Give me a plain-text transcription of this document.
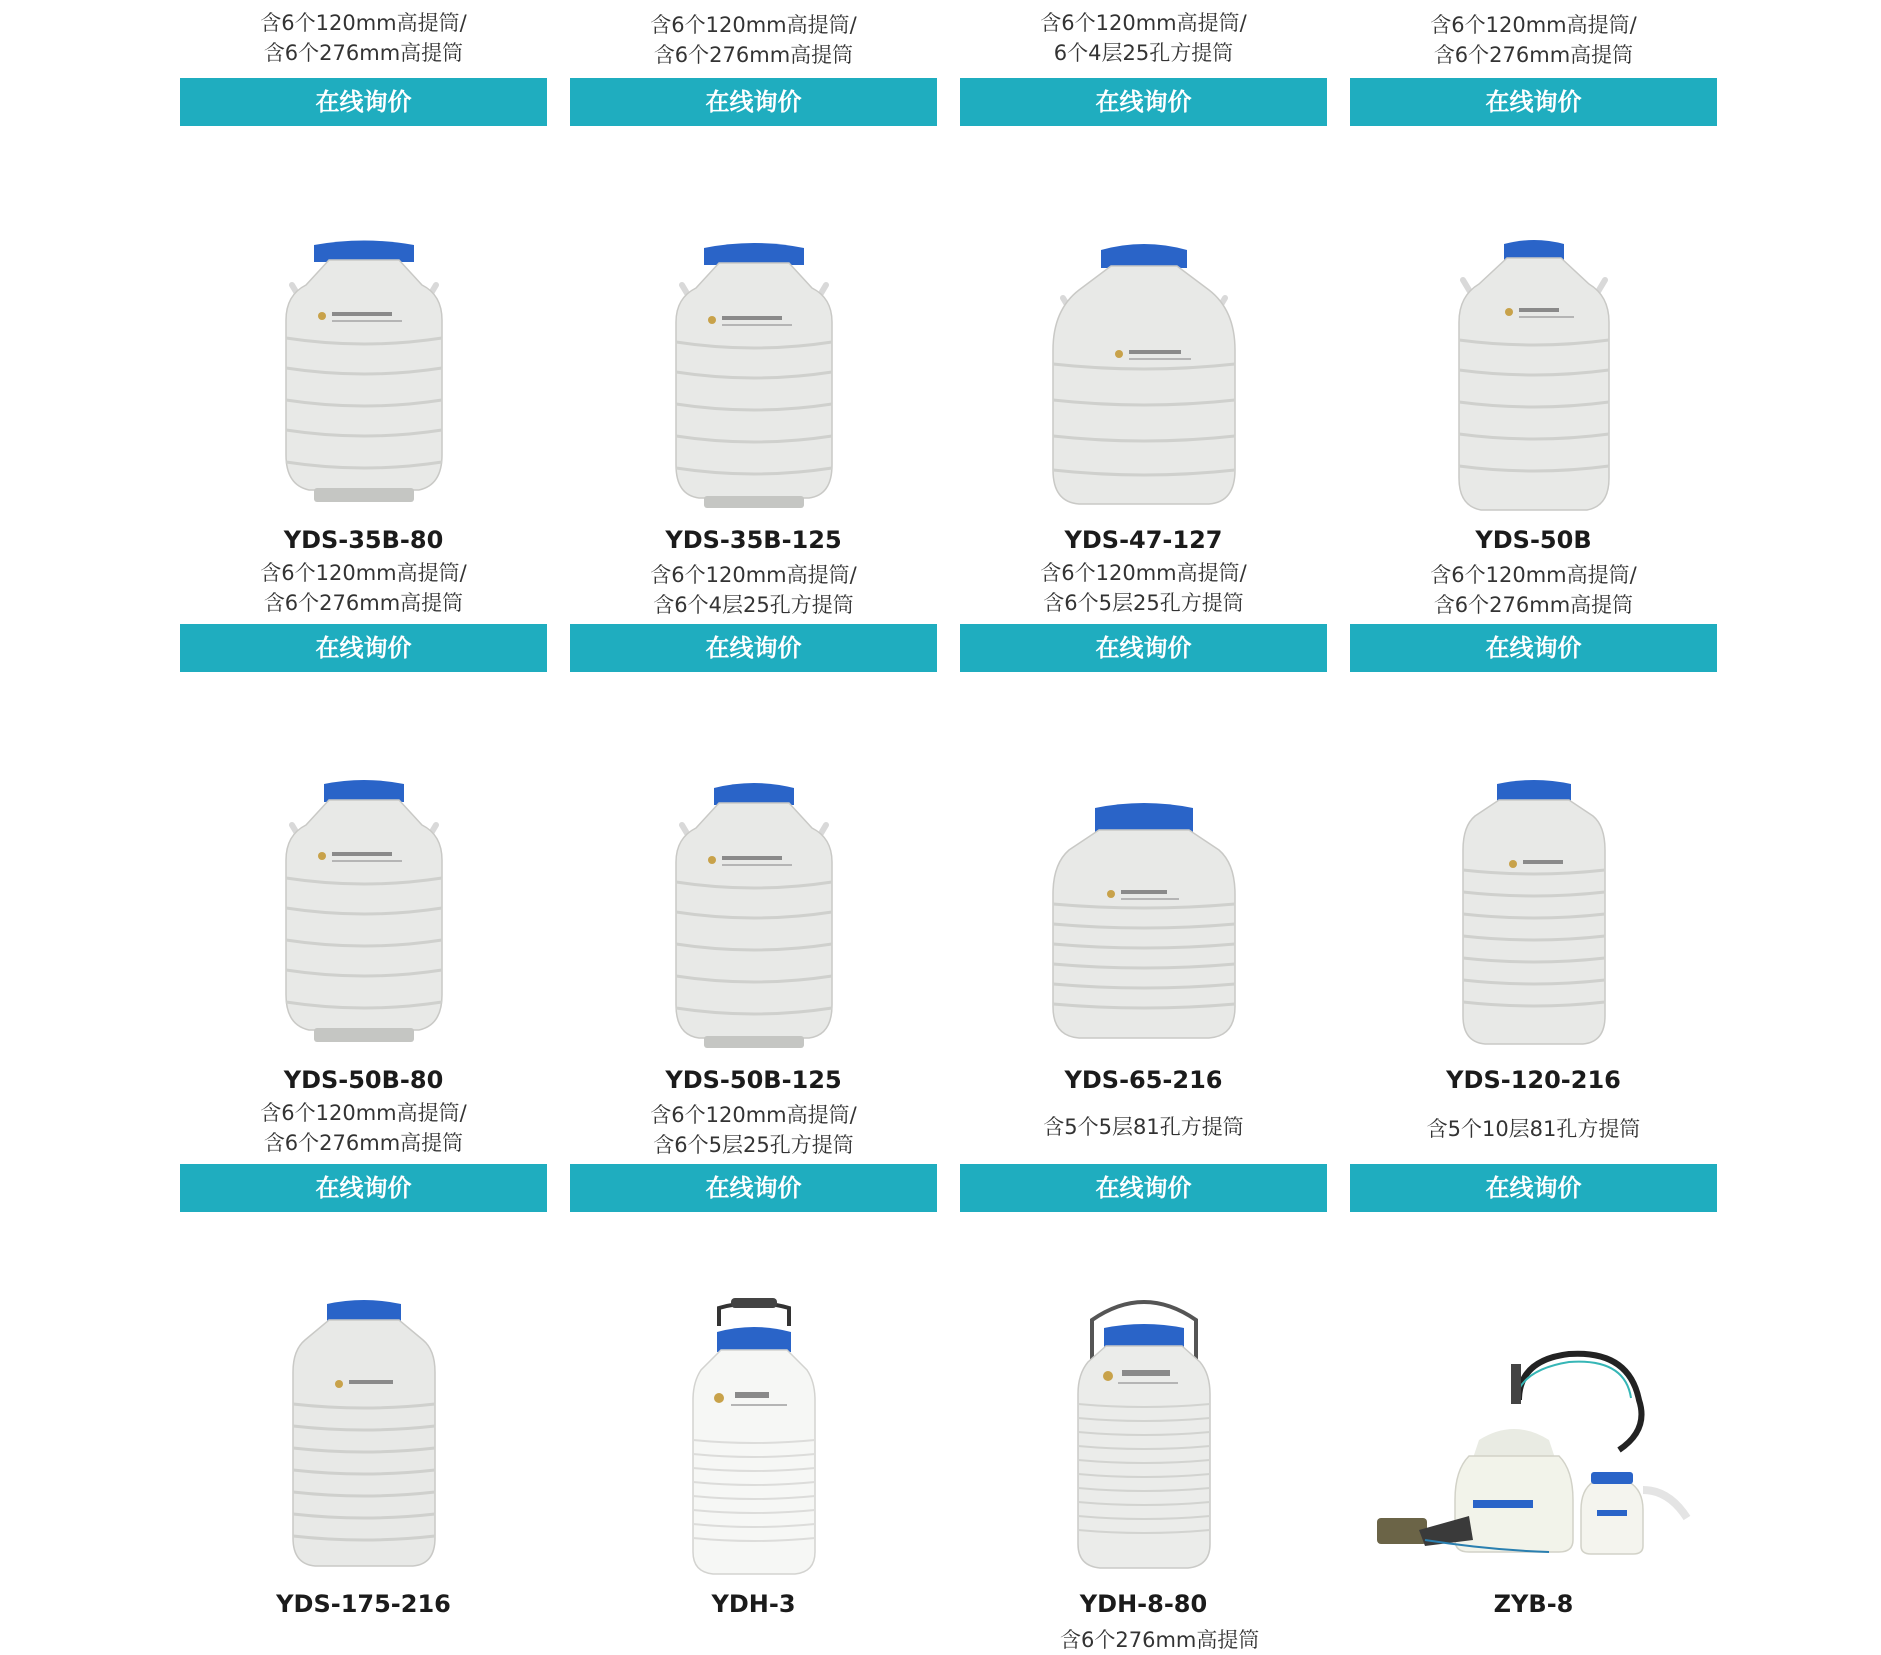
含6个120mm高提筒/
含6个276mm高提筒
在线询价
含6个120mm高提筒/
含6个276mm高提筒
在线询价
含6个120mm高提筒/
6个4层25孔方提筒
在线询价
含6个120mm高提筒/
含6个276mm高提筒
在线询价
YDS-35B-80
含6个120mm高提筒/
含6个276mm高提筒
在线询价
YDS-35B-125
含6个120mm高提筒/
含6个4层25孔方提筒
在线询价
YDS-47-127
含6个120mm高提筒/
含6个5层25孔方提筒
在线询价
YDS-50B
含6个120mm高提筒/
含6个276mm高提筒
在线询价
YDS-50B-80
含6个120mm高提筒/
含6个276mm高提筒
在线询价
YDS-50B-125
含6个120mm高提筒/
含6个5层25孔方提筒
在线询价
YDS-65-216
含5个5层81孔方提筒
在线询价
YDS-120-216
含5个10层81孔方提筒
在线询价
YDS-175-216	YDH-3	YDH-8-80	ZYB-8
含6个276mm高提筒
